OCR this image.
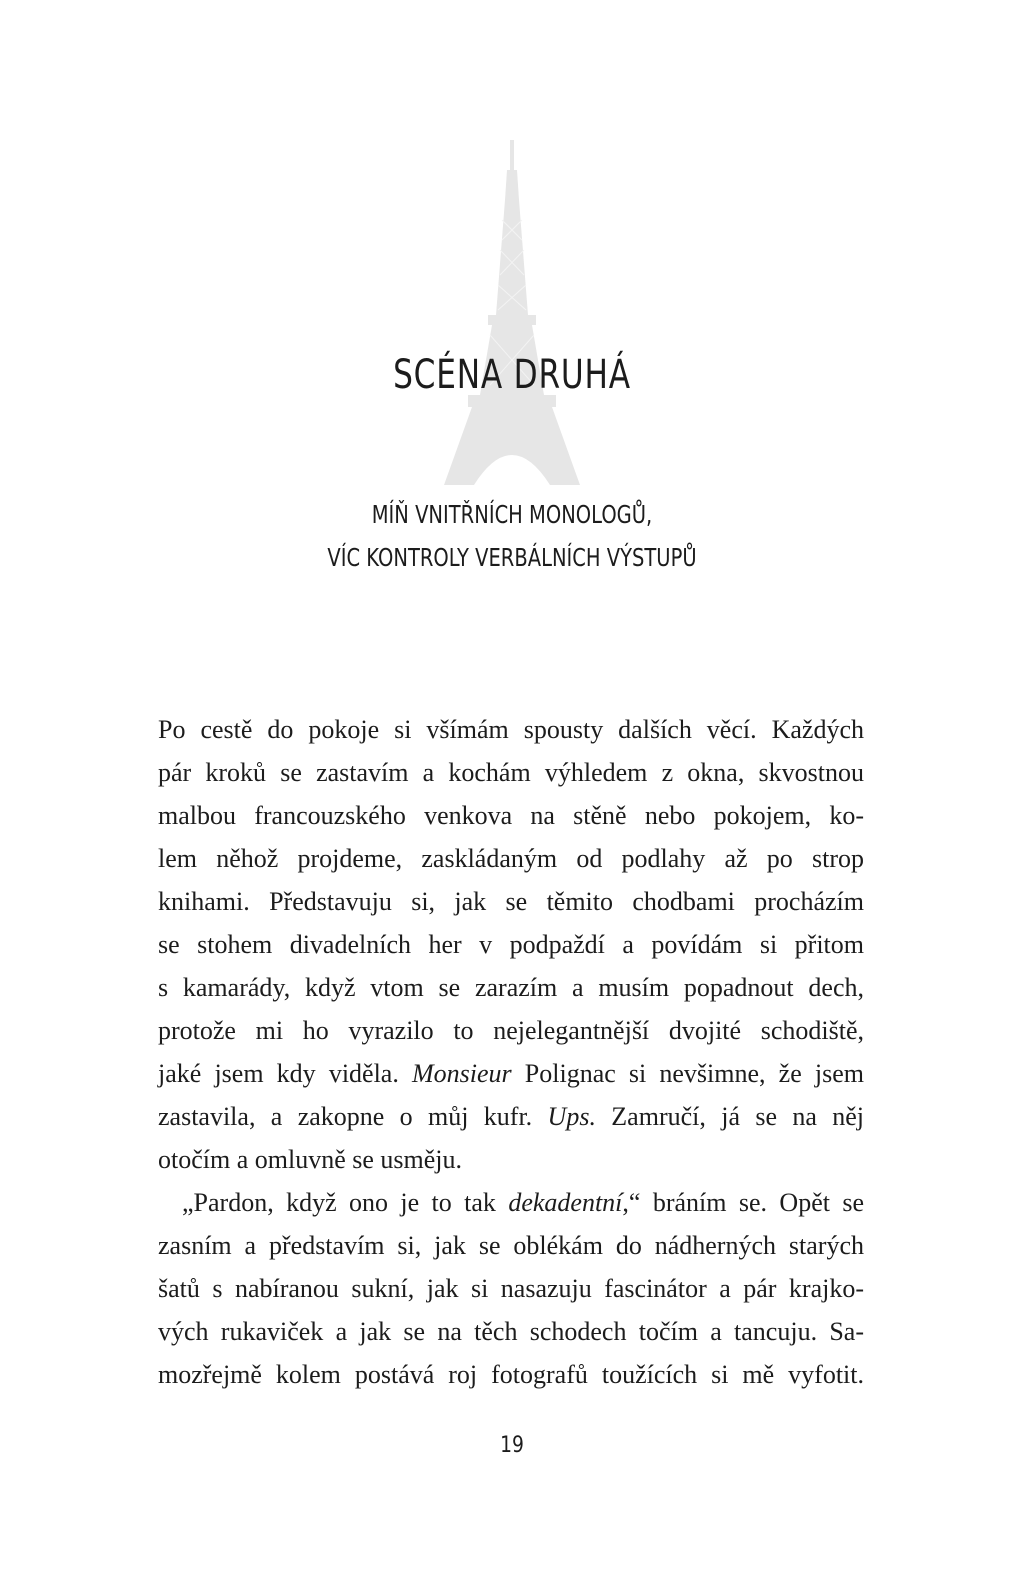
SCÉNA DRUHÁ
MÍŇ VNITŘNÍCH MONOLOGŮ,
VÍC KONTROLY VERBÁLNÍCH VÝSTUPŮ
Po cestě do pokoje si všímám spousty dalších věcí. Každých
pár kroků se zastavím a kochám výhledem z okna, skvostnou
malbou francouzského venkova na stěně nebo pokojem, ko-
lem něhož projdeme, zaskládaným od podlahy až po strop
knihami. Představuju si, jak se těmito chodbami procházím
se stohem divadelních her v podpaždí a povídám si přitom
s kamarády, když vtom se zarazím a musím popadnout dech,
protože mi ho vyrazilo to nejelegantnější dvojité schodiště,
jaké jsem kdy viděla. Monsieur Polignac si nevšimne, že jsem
zastavila, a zakopne o můj kufr. Ups. Zamručí, já se na něj
otočím a omluvně se usměju.
„Pardon, když ono je to tak dekadentní,“ bráním se. Opět se
zasním a představím si, jak se oblékám do nádherných starých
šatů s nabíranou sukní, jak si nasazuju fascinátor a pár krajko-
vých rukaviček a jak se na těch schodech točím a tancuju. Sa-
mozřejmě kolem postává roj fotografů toužících si mě vyfotit.
19
